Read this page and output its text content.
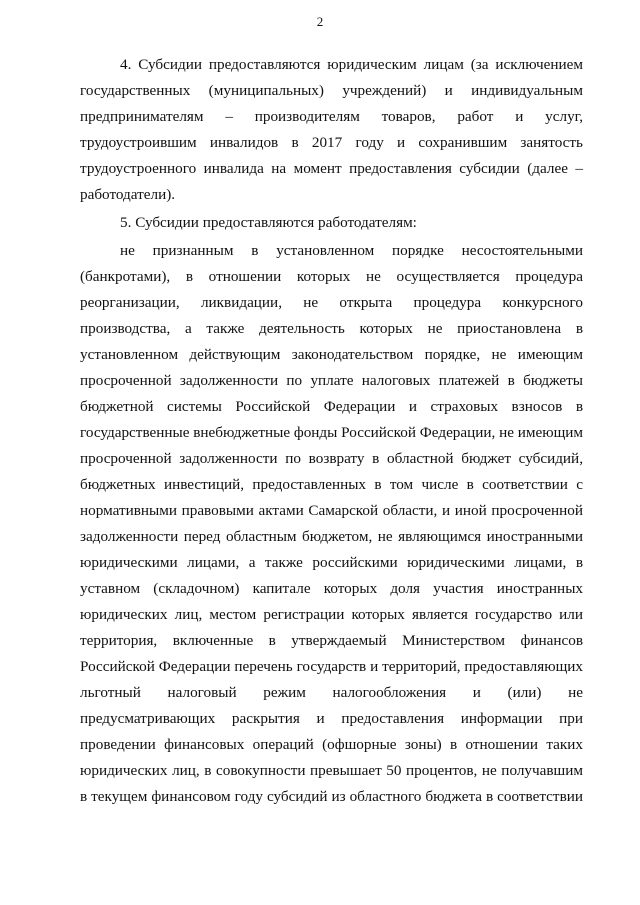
2
4. Субсидии предоставляются юридическим лицам (за исключением
государственных (муниципальных) учреждений) и индивидуальным
предпринимателям – производителям товаров, работ и услуг,
трудоустроившим инвалидов в 2017 году и сохранившим занятость
трудоустроенного инвалида на момент предоставления субсидии (далее –
работодатели).
5. Субсидии предоставляются работодателям:
не признанным в установленном порядке несостоятельными
(банкротами), в отношении которых не осуществляется процедура
реорганизации, ликвидации, не открыта процедура конкурсного
производства, а также деятельность которых не приостановлена в
установленном действующим законодательством порядке, не имеющим
просроченной задолженности по уплате налоговых платежей в бюджеты
бюджетной системы Российской Федерации и страховых взносов в
государственные внебюджетные фонды Российской Федерации, не имеющим
просроченной задолженности по возврату в областной бюджет субсидий,
бюджетных инвестиций, предоставленных в том числе в соответствии с
нормативными правовыми актами Самарской области, и иной просроченной
задолженности перед областным бюджетом, не являющимся иностранными
юридическими лицами, а также российскими юридическими лицами, в
уставном (складочном) капитале которых доля участия иностранных
юридических лиц, местом регистрации которых является государство или
территория, включенные в утверждаемый Министерством финансов
Российской Федерации перечень государств и территорий, предоставляющих
льготный налоговый режим налогообложения и (или) не
предусматривающих раскрытия и предоставления информации при
проведении финансовых операций (офшорные зоны) в отношении таких
юридических лиц, в совокупности превышает 50 процентов, не получавшим
в текущем финансовом году субсидий из областного бюджета в соответствии
